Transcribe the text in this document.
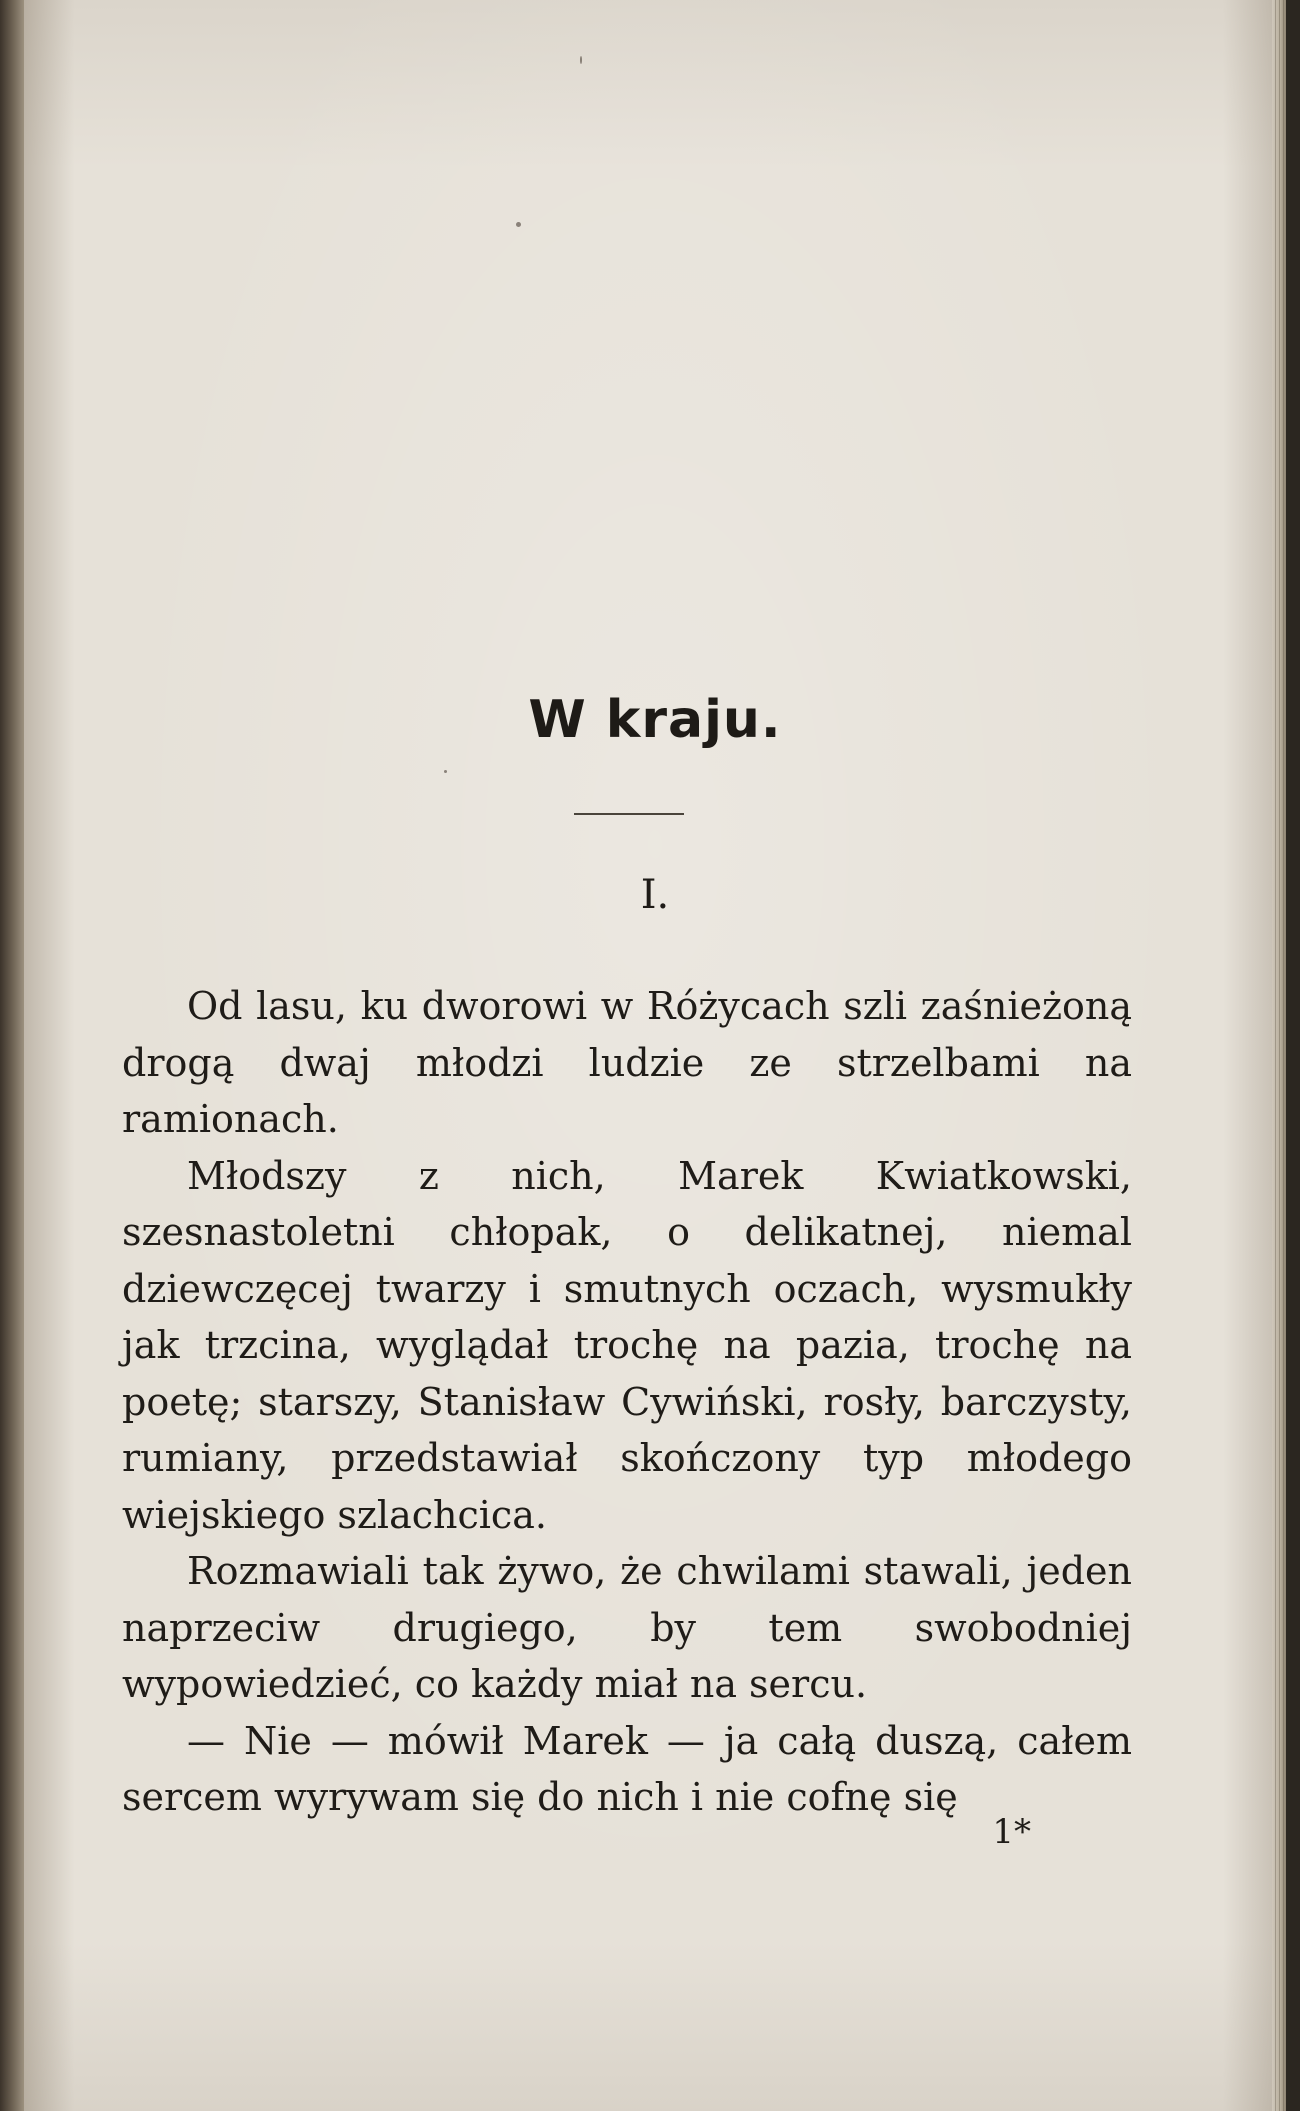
W kraju.
I.

Od lasu, ku dworowi w Różycach szli zaśnieżoną drogą dwaj młodzi ludzie ze strzelbami na ramionach.

Młodszy z nich, Marek Kwiatkowski, szesnastoletni chłopak, o delikatnej, niemal dziewczęcej twarzy i smutnych oczach, wysmukły jak trzcina, wyglądał trochę na pazia, trochę na poetę; starszy, Stanisław Cywiński, rosły, barczysty, rumiany, przedstawiał skończony typ młodego wiejskiego szlachcica.

Rozmawiali tak żywo, że chwilami stawali, jeden naprzeciw drugiego, by tem swobodniej wypowiedzieć, co każdy miał na sercu.

— Nie — mówił Marek — ja całą duszą, całem sercem wyrywam się do nich i nie cofnę się

1*
